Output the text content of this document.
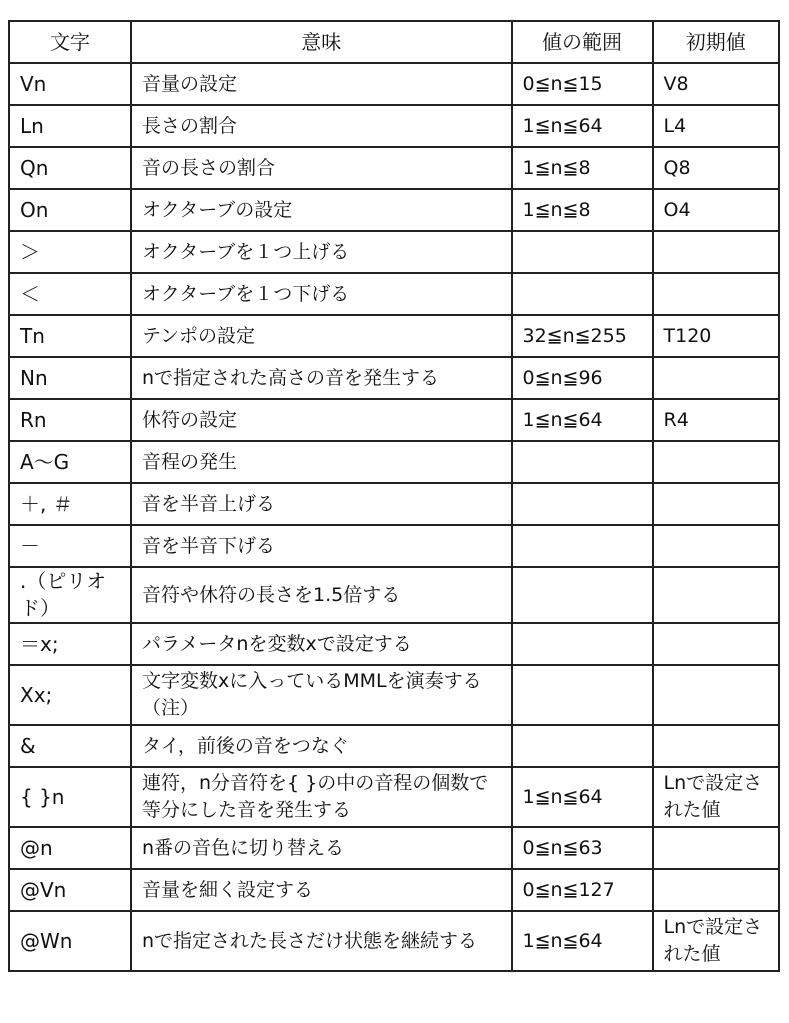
文字	意味	値の範囲	初期値
Vn	音量の設定	0≦n≦15	V8
Ln	長さの割合	1≦n≦64	L4
Qn	音の長さの割合	1≦n≦8	Q8
On	オクターブの設定	1≦n≦8	O4
＞	オクターブを１つ上げる		
＜	オクターブを１つ下げる		
Tn	テンポの設定	32≦n≦255	T120
Nn	nで指定された高さの音を発生する	0≦n≦96	
Rn	休符の設定	1≦n≦64	R4
A～G	音程の発生		
＋, ＃	音を半音上げる		
－	音を半音下げる		
.（ピリオド）	音符や休符の長さを1.5倍する		
＝x;	パラメータnを変数xで設定する		
Xx;	文字変数xに入っているMMLを演奏する（注）		
&	タイ，前後の音をつなぐ		
{ }n	連符，n分音符を{ }の中の音程の個数で等分にした音を発生する	1≦n≦64	Lnで設定された値
@n	n番の音色に切り替える	0≦n≦63	
@Vn	音量を細く設定する	0≦n≦127	
@Wn	nで指定された長さだけ状態を継続する	1≦n≦64	Lnで設定された値
